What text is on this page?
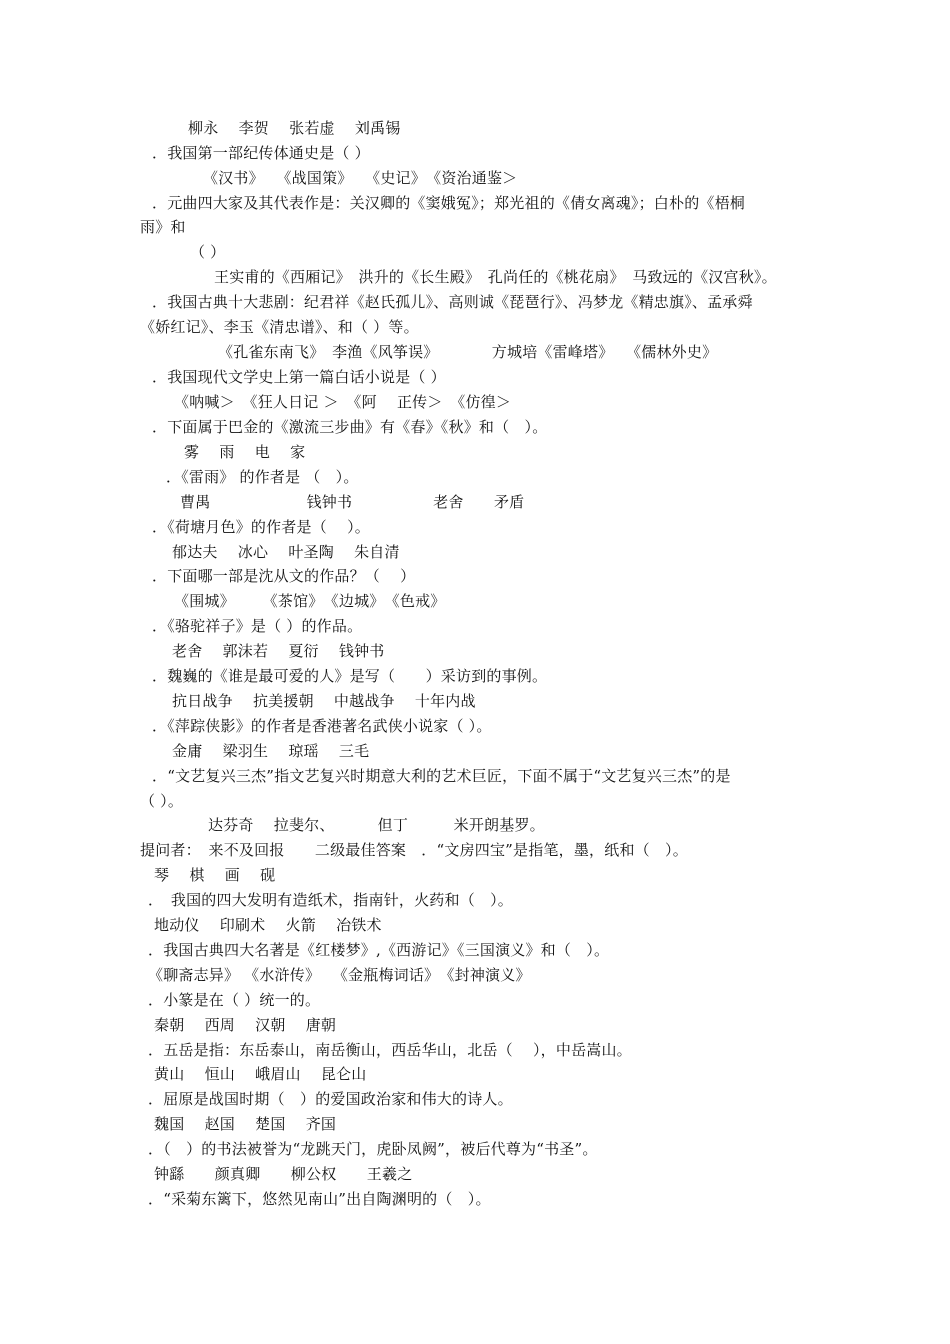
柳永　 李贺　 张若虚　 刘禹锡
．我国第一部纪传体通史是（ ）
《汉书》　 《战国策》　 《史记》　《资治通鉴＞
．元曲四大家及其代表作是：关汉卿的《窦娥冤》；郑光祖的《倩女离魂》；白朴的《梧桐
雨》和
（ ）
王实甫的《西厢记》　洪升的《长生殿》　孔尚任的《桃花扇》　马致远的《汉宫秋》。
．我国古典十大悲剧：纪君祥《赵氏孤儿》、高则诚《琵琶行》、冯梦龙《精忠旗》、孟承舜
《娇红记》、李玉《清忠谱》、和（ ）等。
《孔雀东南飞》　李渔《风筝误》　　　　方城培《雷峰塔》　 《儒林外史》
．我国现代文学史上第一篇白话小说是（ ）
《呐喊＞　《狂人日记 ＞　《阿　 正传＞　《仿徨＞
．下面属于巴金的《激流三步曲》有《春》《秋》和（　）。
雾　 雨　 电　 家
．《雷雨》 的作者是 （　）。
曹禺　　　　　　 钱钟书　　　　　 老舍　　矛盾
．《荷塘月色》的作者是（　 ）。
郁达夫　 冰心　 叶圣陶　 朱自清
．下面哪一部是沈从文的作品？（　 ）
《围城》　　 《茶馆》　《边城》　《色戒》
．《骆驼祥子》是（ ）的作品。
老舍　 郭沫若　 夏衍　 钱钟书
．魏巍的《谁是最可爱的人》是写（　　）采访到的事例。
抗日战争　 抗美援朝　 中越战争　 十年内战
．《萍踪侠影》的作者是香港著名武侠小说家（ ）。
金庸　 梁羽生　 琼瑶　 三毛
．“文艺复兴三杰”指文艺复兴时期意大利的艺术巨匠，下面不属于“文艺复兴三杰”的是
（ ）。
达芬奇　 拉斐尔、　　　 但丁　　　米开朗基罗。
提问者：　来不及回报　　二级最佳答案　．“文房四宝”是指笔，墨，纸和（　）。
琴　 棋　 画　 砚
．　我国的四大发明有造纸术，指南针，火药和（　）。
地动仪　 印刷术　 火箭　 冶铁术
．我国古典四大名著是《红楼梦》,《西游记》《三国演义》和（　）。
《聊斋志异》 《水浒传》　 《金瓶梅词话》　《封神演义》
．小篆是在（ ）统一的。
秦朝　 西周　 汉朝　 唐朝
．五岳是指：东岳泰山，南岳衡山，西岳华山，北岳（　 ），中岳嵩山。
黄山　 恒山　 峨眉山　 昆仑山
．屈原是战国时期（　）的爱国政治家和伟大的诗人。
魏国　 赵国　 楚国　 齐国
．（　）的书法被誉为“龙跳天门，虎卧凤阙”，被后代尊为“书圣”。
钟繇　　颜真卿　　柳公权　　王羲之
．“采菊东篱下，悠然见南山”出自陶渊明的（　）。
